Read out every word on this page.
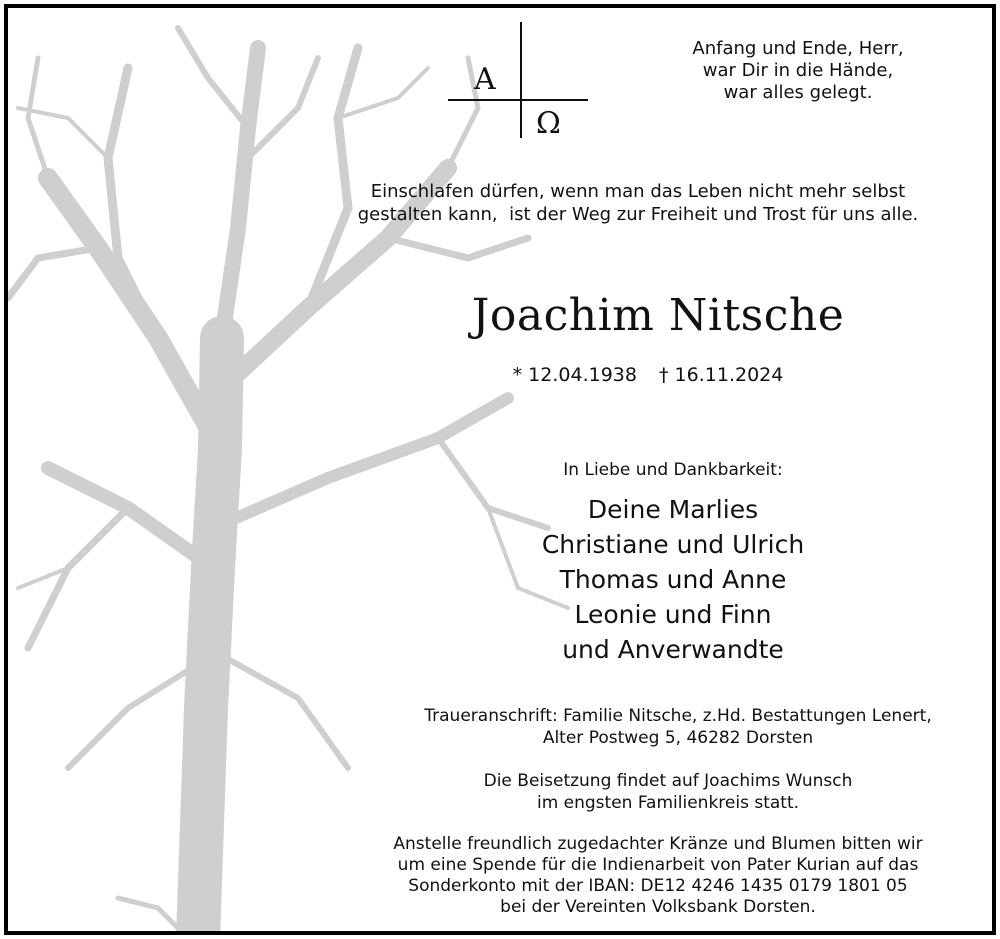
A
Ω
Anfang und Ende, Herr,
war Dir in die Hände,
war alles gelegt.
Einschlafen dürfen, wenn man das Leben nicht mehr selbst
gestalten kann,  ist der Weg zur Freiheit und Trost für uns alle.
Joachim Nitsche
* 12.04.1938 † 16.11.2024
In Liebe und Dankbarkeit:
Deine Marlies
Christiane und Ulrich
Thomas und Anne
Leonie und Finn
und Anverwandte
Traueranschrift: Familie Nitsche, z.Hd. Bestattungen Lenert,
Alter Postweg 5, 46282 Dorsten
Die Beisetzung findet auf Joachims Wunsch
im engsten Familienkreis statt.
Anstelle freundlich zugedachter Kränze und Blumen bitten wir
um eine Spende für die Indienarbeit von Pater Kurian auf das
Sonderkonto mit der IBAN: DE12 4246 1435 0179 1801 05
bei der Vereinten Volksbank Dorsten.
